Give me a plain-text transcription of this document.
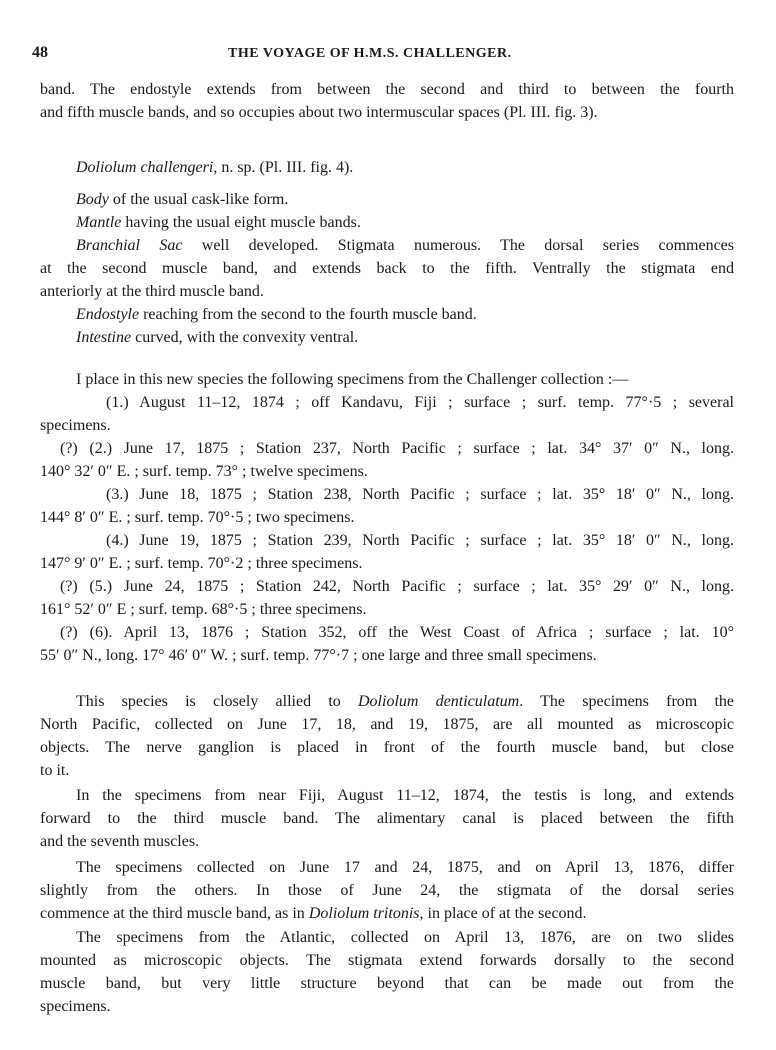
48	THE VOYAGE OF H.M.S. CHALLENGER.
band. The endostyle extends from between the second and third to between the fourth
and fifth muscle bands, and so occupies about two intermuscular spaces (Pl. III. fig. 3).
Doliolum challengeri, n. sp. (Pl. III. fig. 4).
Body of the usual cask-like form.
Mantle having the usual eight muscle bands.
Branchial Sac well developed. Stigmata numerous. The dorsal series commences
at the second muscle band, and extends back to the fifth. Ventrally the stigmata end
anteriorly at the third muscle band.
Endostyle reaching from the second to the fourth muscle band.
Intestine curved, with the convexity ventral.
I place in this new species the following specimens from the Challenger collection :—
(1.) August 11–12, 1874 ; off Kandavu, Fiji ; surface ; surf. temp. 77°·5 ; several
specimens.
(?) (2.) June 17, 1875 ; Station 237, North Pacific ; surface ; lat. 34° 37′ 0″ N., long.
140° 32′ 0″ E. ; surf. temp. 73° ; twelve specimens.
(3.) June 18, 1875 ; Station 238, North Pacific ; surface ; lat. 35° 18′ 0″ N., long.
144° 8′ 0″ E. ; surf. temp. 70°·5 ; two specimens.
(4.) June 19, 1875 ; Station 239, North Pacific ; surface ; lat. 35° 18′ 0″ N., long.
147° 9′ 0″ E. ; surf. temp. 70°·2 ; three specimens.
(?) (5.) June 24, 1875 ; Station 242, North Pacific ; surface ; lat. 35° 29′ 0″ N., long.
161° 52′ 0″ E ; surf. temp. 68°·5 ; three specimens.
(?) (6). April 13, 1876 ; Station 352, off the West Coast of Africa ; surface ; lat. 10°
55′ 0″ N., long. 17° 46′ 0″ W. ; surf. temp. 77°·7 ; one large and three small specimens.
This species is closely allied to Doliolum denticulatum. The specimens from the
North Pacific, collected on June 17, 18, and 19, 1875, are all mounted as microscopic
objects. The nerve ganglion is placed in front of the fourth muscle band, but close
to it.
In the specimens from near Fiji, August 11–12, 1874, the testis is long, and extends
forward to the third muscle band. The alimentary canal is placed between the fifth
and the seventh muscles.
The specimens collected on June 17 and 24, 1875, and on April 13, 1876, differ
slightly from the others. In those of June 24, the stigmata of the dorsal series
commence at the third muscle band, as in Doliolum tritonis, in place of at the second.
The specimens from the Atlantic, collected on April 13, 1876, are on two slides
mounted as microscopic objects. The stigmata extend forwards dorsally to the second
muscle band, but very little structure beyond that can be made out from the
specimens.
